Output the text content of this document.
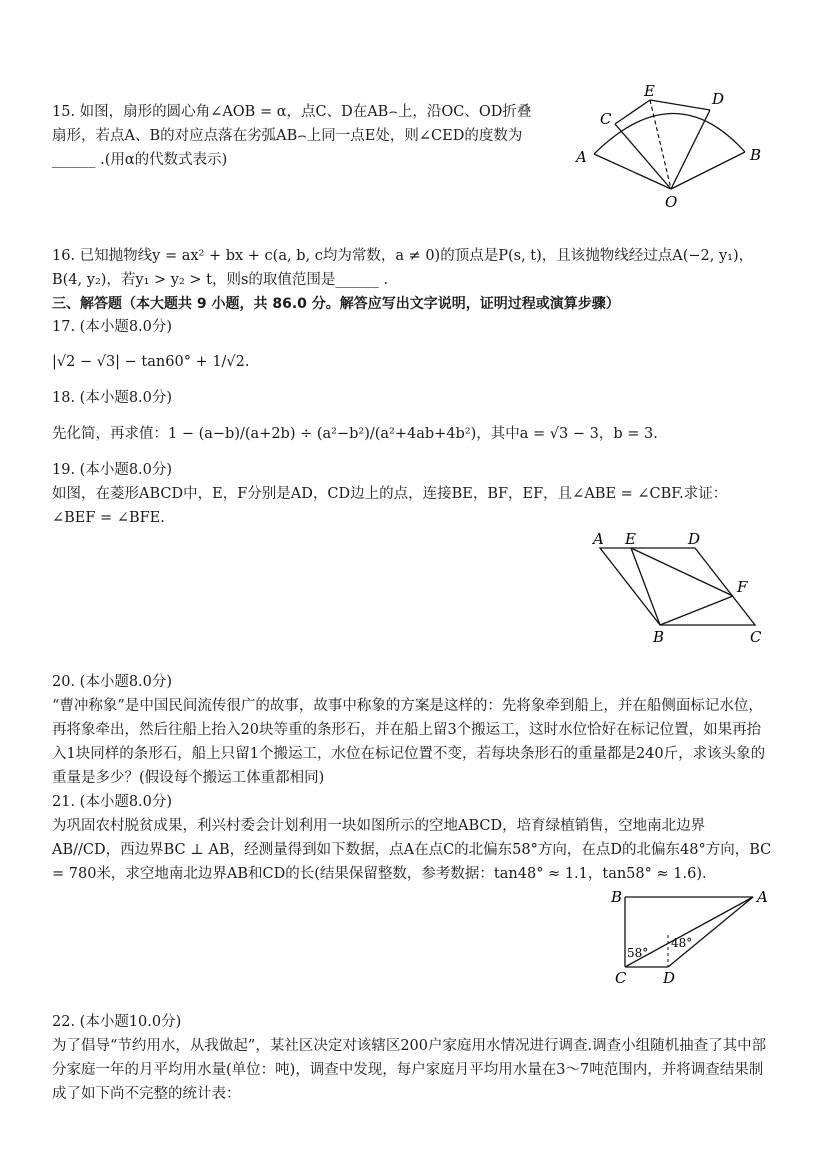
15. 如图，扇形的圆心角∠AOB = α，点C、D在AB⌢上，沿OC、OD折叠
扇形，若点A、B的对应点落在劣弧AB⌢上同一点E处，则∠CED的度数为
______ .(用α的代数式表示)	A	B
C
D
E
O
16. 已知抛物线y = ax² + bx + c(a, b, c均为常数，a ≠ 0)的顶点是P(s, t)，且该抛物线经过点A(−2, y₁)，
B(4, y₂)，若y₁ > y₂ > t，则s的取值范围是______ .
三、解答题（本大题共 9 小题，共 86.0 分。解答应写出文字说明，证明过程或演算步骤）
17. (本小题8.0分)
|√2 − √3| − tan60° + 1/√2.
18. (本小题8.0分)
先化简，再求值：1 − (a−b)/(a+2b) ÷ (a²−b²)/(a²+4ab+4b²)，其中a = √3 − 3，b = 3.
19. (本小题8.0分)
如图，在菱形ABCD中，E，F分别是AD，CD边上的点，连接BE，BF，EF，且∠ABE = ∠CBF.求证：
∠BEF = ∠BFE.
A E	D
F
B	C
20. (本小题8.0分)
“曹冲称象”是中国民间流传很广的故事，故事中称象的方案是这样的：先将象牵到船上，并在船侧面标记水位，再将象牵出，然后往船上抬入20块等重的条形石，并在船上留3个搬运工，这时水位恰好在标记位置，如果再抬入1块同样的条形石，船上只留1个搬运工，水位在标记位置不变，若每块条形石的重量都是240斤，求该头象的重量是多少？(假设每个搬运工体重都相同)
21. (本小题8.0分)
为巩固农村脱贫成果，利兴村委会计划利用一块如图所示的空地ABCD，培育绿植销售，空地南北边界AB//CD，西边界BC ⊥ AB，经测量得到如下数据，点A在点C的北偏东58°方向，在点D的北偏东48°方向，BC = 780米，求空地南北边界AB和CD的长(结果保留整数，参考数据：tan48° ≈ 1.1，tan58° ≈ 1.6).
B	A
C D
58°
48°
22. (本小题10.0分)
为了倡导“节约用水，从我做起”，某社区决定对该辖区200户家庭用水情况进行调查.调查小组随机抽查了其中部分家庭一年的月平均用水量(单位：吨)，调查中发现，每户家庭月平均用水量在3～7吨范围内，并将调查结果制成了如下尚不完整的统计表：
